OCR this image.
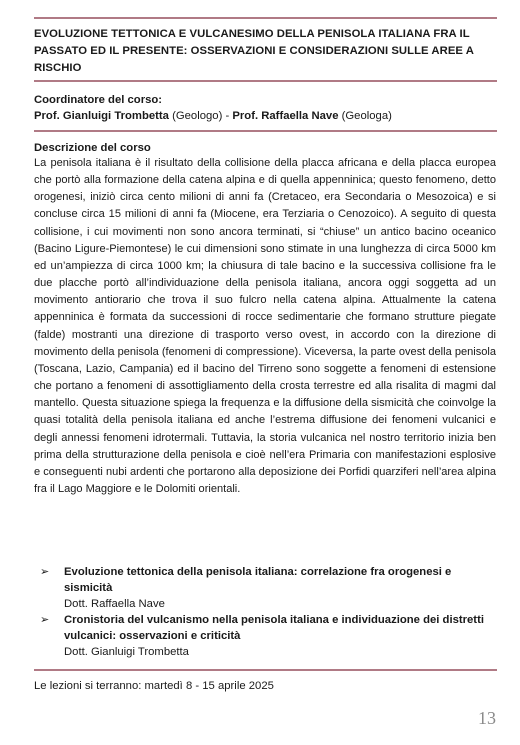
EVOLUZIONE TETTONICA E VULCANESIMO DELLA PENISOLA ITALIANA FRA IL PASSATO ED IL PRESENTE: OSSERVAZIONI E CONSIDERAZIONI SULLE AREE A RISCHIO
Coordinatore del corso:
Prof. Gianluigi Trombetta (Geologo) - Prof. Raffaella Nave (Geologa)
Descrizione del corso
La penisola italiana è il risultato della collisione della placca africana e della placca europea che portò alla formazione della catena alpina e di quella appenninica; questo fenomeno, detto orogenesi, iniziò circa cento milioni di anni fa (Cretaceo, era Secondaria o Mesozoica) e si concluse circa 15 milioni di anni fa (Miocene, era Terziaria o Cenozoico). A seguito di questa collisione, i cui movimenti non sono ancora terminati, si “chiuse” un antico bacino oceanico (Bacino Ligure-Piemontese) le cui dimensioni sono stimate in una lunghezza di circa 5000 km ed un’ampiezza di circa 1000 km; la chiusura di tale bacino e la successiva collisione fra le due placche portò all’individuazione della penisola italiana, ancora oggi soggetta ad un movimento antiorario che trova il suo fulcro nella catena alpina. Attualmente la catena appenninica è formata da successioni di rocce sedimentarie che formano strutture piegate (falde) mostranti una direzione di trasporto verso ovest, in accordo con la direzione di movimento della penisola (fenomeni di compressione). Viceversa, la parte ovest della penisola (Toscana, Lazio, Campania) ed il bacino del Tirreno sono soggette a fenomeni di estensione che portano a fenomeni di assottigliamento della crosta terrestre ed alla risalita di magmi dal mantello. Questa situazione spiega la frequenza e la diffusione della sismicità che coinvolge la quasi totalità della penisola italiana ed anche l’estrema diffusione dei fenomeni vulcanici e degli annessi fenomeni idrotermali. Tuttavia, la storia vulcanica nel nostro territorio inizia ben prima della strutturazione della penisola e cioè nell’era Primaria con manifestazioni esplosive e conseguenti nubi ardenti che portarono alla deposizione dei Porfidi quarziferi nell’area alpina fra il Lago Maggiore e le Dolomiti orientali.
➢ Evoluzione tettonica della penisola italiana: correlazione fra orogenesi e sismicità
Dott. Raffaella Nave
➢ Cronistoria del vulcanismo nella penisola italiana e individuazione dei distretti vulcanici: osservazioni e criticità
Dott. Gianluigi Trombetta
Le lezioni si terranno: martedì 8 - 15 aprile 2025
13
